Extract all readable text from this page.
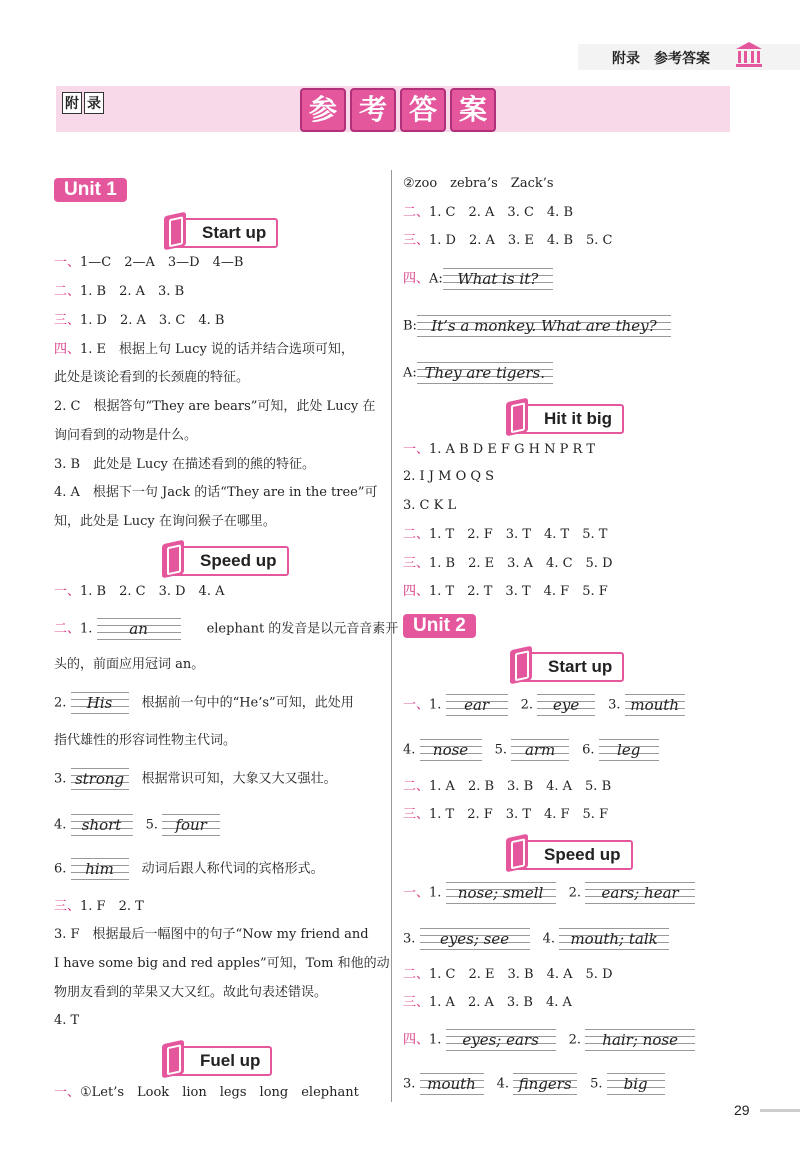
附录　 参考答案
附 录	参 考 答 案
Unit 1
Start up
一、1—C　2—A　3—D　4—B
二、1. B　2. A　3. B
三、1. D　2. A　3. C　4. B
四、1. E　根据上句 Lucy 说的话并结合选项可知，
此处是谈论看到的长颈鹿的特征。
2. C　根据答句“They are bears”可知，此处 Lucy 在
询问看到的动物是什么。
3. B　此处是 Lucy 在描述看到的熊的特征。
4. A　根据下一句 Jack 的话“They are in the tree”可
知，此处是 Lucy 在询问猴子在哪里。
Speed up
一、1. B　2. C　3. D　4. A
二、1. an　　	elephant 的发音是以元音音素开
头的，前面应用冠词 an。
2. His　 根据前一句中的“He’s”可知，此处用
指代雄性的形容词性物主代词。
3. strong　 根据常识可知，大象又大又强壮。
4. short　 5. four
6. him　 动词后跟人称代词的宾格形式。
三、1. F　2. T
3. F　根据最后一幅图中的句子“Now my friend and
I have some big and red apples”可知，Tom 和他的动
物朋友看到的苹果又大又红。故此句表述错误。
4. T
Fuel up
一、①Let’s　Look　lion　legs　long　elephant
②zoo　zebra’s　Zack’s
二、1. C　2. A　3. C　4. B
三、1. D　2. A　3. E　4. B　5. C
四、A: What is it?
B: It’s a monkey. What are they?
A: They are tigers.
Hit it big
一、1. A B D E F G H N P R T
2. I J M O Q S
3. C K L
二、1. T　2. F　3. T　4. T　5. T
三、1. B　2. E　3. A　4. C　5. D
四、1. T　2. T　3. T　4. F　5. F
Unit 2
Start up
一、1. ear　 2. eye　 3. mouth
4. nose　 5. arm　 6. leg
二、1. A　2. B　3. B　4. A　5. B
三、1. T　2. F　3. T　4. F　5. F
Speed up
一、1. nose; smell　 2. ears; hear
3. eyes; see　	4. mouth; talk
二、1. C　2. E　3. B　4. A　5. D
三、1. A　2. A　3. B　4. A
四、1. eyes; ears　 2. hair; nose
3. mouth　 4. fingers　 5. big
29
